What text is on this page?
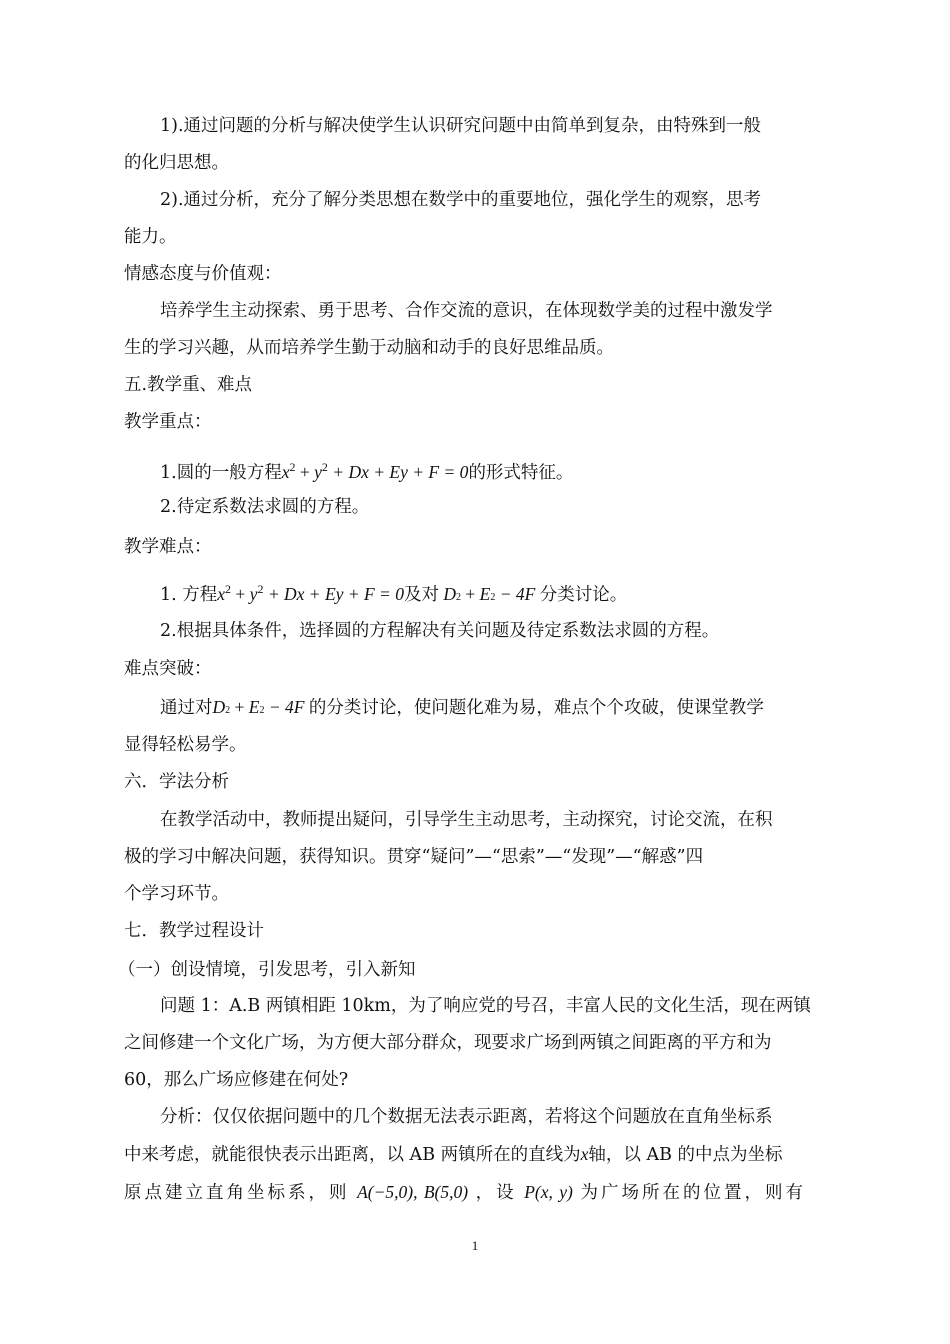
1).通过问题的分析与解决使学生认识研究问题中由简单到复杂，由特殊到一般
的化归思想。
2).通过分析，充分了解分类思想在数学中的重要地位，强化学生的观察，思考
能力。
情感态度与价值观：
培养学生主动探索、勇于思考、合作交流的意识，在体现数学美的过程中激发学
生的学习兴趣，从而培养学生勤于动脑和动手的良好思维品质。
五.教学重、难点
教学重点：
1.圆的一般方程$x^2 + y^2 + Dx + Ey + F = 0$的形式特征。
2.待定系数法求圆的方程。
教学难点：
1. 方程$x^2 + y^2 + Dx + Ey + F = 0$及对 D2 + E2 − 4F 分类讨论。
2.根据具体条件，选择圆的方程解决有关问题及待定系数法求圆的方程。
难点突破：
通过对D2 + E2 − 4F 的分类讨论，使问题化难为易，难点个个攻破，使课堂教学
显得轻松易学。
六．学法分析
在教学活动中，教师提出疑问，引导学生主动思考，主动探究，讨论交流，在积
极的学习中解决问题，获得知识。贯穿“疑问”—“思索”—“发现”—“解惑”四
个学习环节。
七．教学过程设计
（一）创设情境，引发思考，引入新知
问题 1：A.B 两镇相距 10km，为了响应党的号召，丰富人民的文化生活，现在两镇
之间修建一个文化广场，为方便大部分群众，现要求广场到两镇之间距离的平方和为
60，那么广场应修建在何处?
分析：仅仅依据问题中的几个数据无法表示距离，若将这个问题放在直角坐标系
中来考虑，就能很快表示出距离，以 AB 两镇所在的直线为x轴，以 AB 的中点为坐标
原点建立直角坐标系，则 A(−5,0), B(5,0) ，设 P(x, y) 为广场所在的位置，则有
1
